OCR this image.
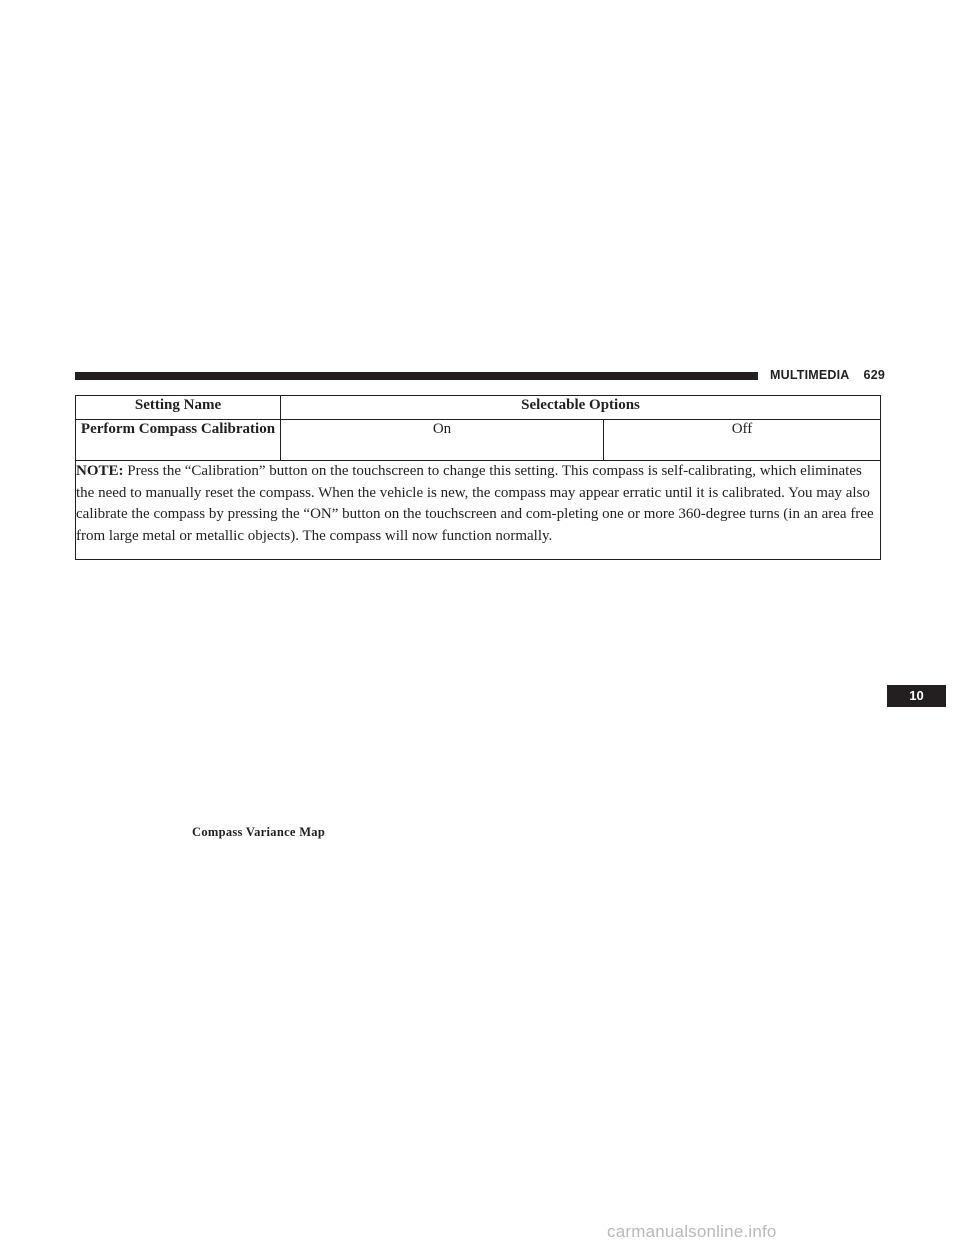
MULTIMEDIA 629
Setting Name	Selectable Options	
Perform Compass Calibration	On	Off
NOTE: Press the “Calibration” button on the touchscreen to change this setting. This compass is self-calibrating, which eliminates the need to manually reset the compass. When the vehicle is new, the compass may appear erratic until it is calibrated. You may also calibrate the compass by pressing the “ON” button on the touchscreen and com-pleting one or more 360-degree turns (in an area free from large metal or metallic objects). The compass will now function normally.		
Compass Variance Map
10
carmanualsonline.info
